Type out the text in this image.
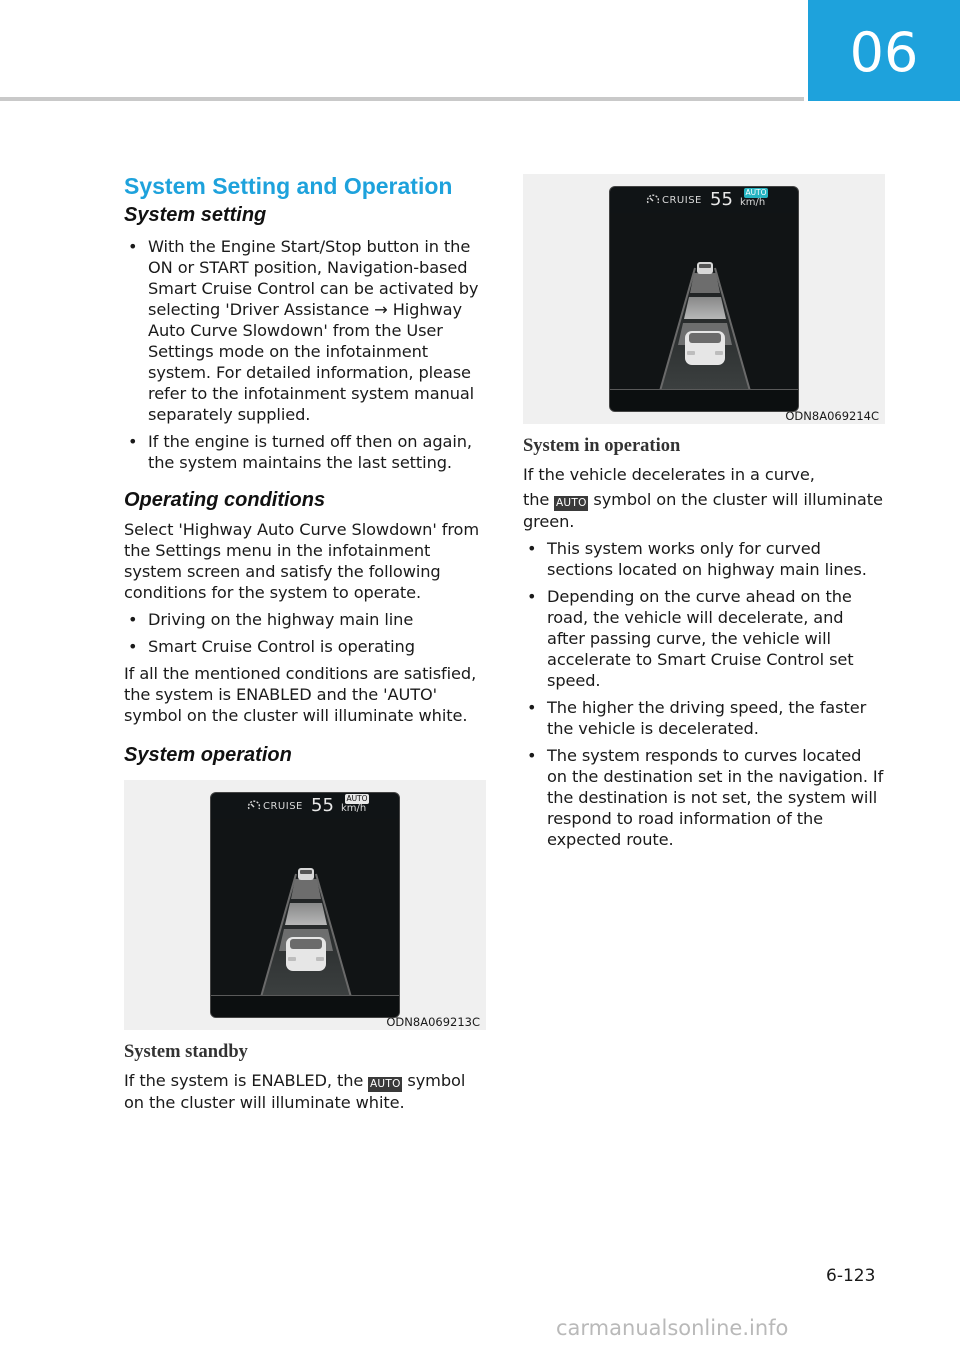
06
System Setting and Operation
System setting
• With the Engine Start/Stop button in the ON or START position, Navigation-based Smart Cruise Control can be activated by selecting 'Driver Assistance → Highway Auto Curve Slowdown' from the User Settings mode on the infotainment system. For detailed information, please refer to the infotainment system manual separately supplied.
• If the engine is turned off then on again, the system maintains the last setting.
Operating conditions

Select 'Highway Auto Curve Slowdown' from the Settings menu in the infotainment system screen and satisfy the following conditions for the system to operate.

• Driving on the highway main line
• Smart Cruise Control is operating

If all the mentioned conditions are satisfied, the system is ENABLED and the 'AUTO' symbol on the cluster will illuminate white.

System operation
CRUISE 55 AUTO
km/h
ODN8A069213C
System standby

If the system is ENABLED, the AUTO symbol on the cluster will illuminate white.

CRUISE 55 AUTO
km/h
ODN8A069214C
System in operation

If the vehicle decelerates in a curve,

the AUTO symbol on the cluster will illuminate green.

• This system works only for curved sections located on highway main lines.
• Depending on the curve ahead on the road, the vehicle will decelerate, and after passing curve, the vehicle will accelerate to Smart Cruise Control set speed.
• The higher the driving speed, the faster the vehicle is decelerated.
• The system responds to curves located on the destination set in the navigation. If the destination is not set, the system will respond to road information of the expected route.
6-123
carmanualsonline.info
